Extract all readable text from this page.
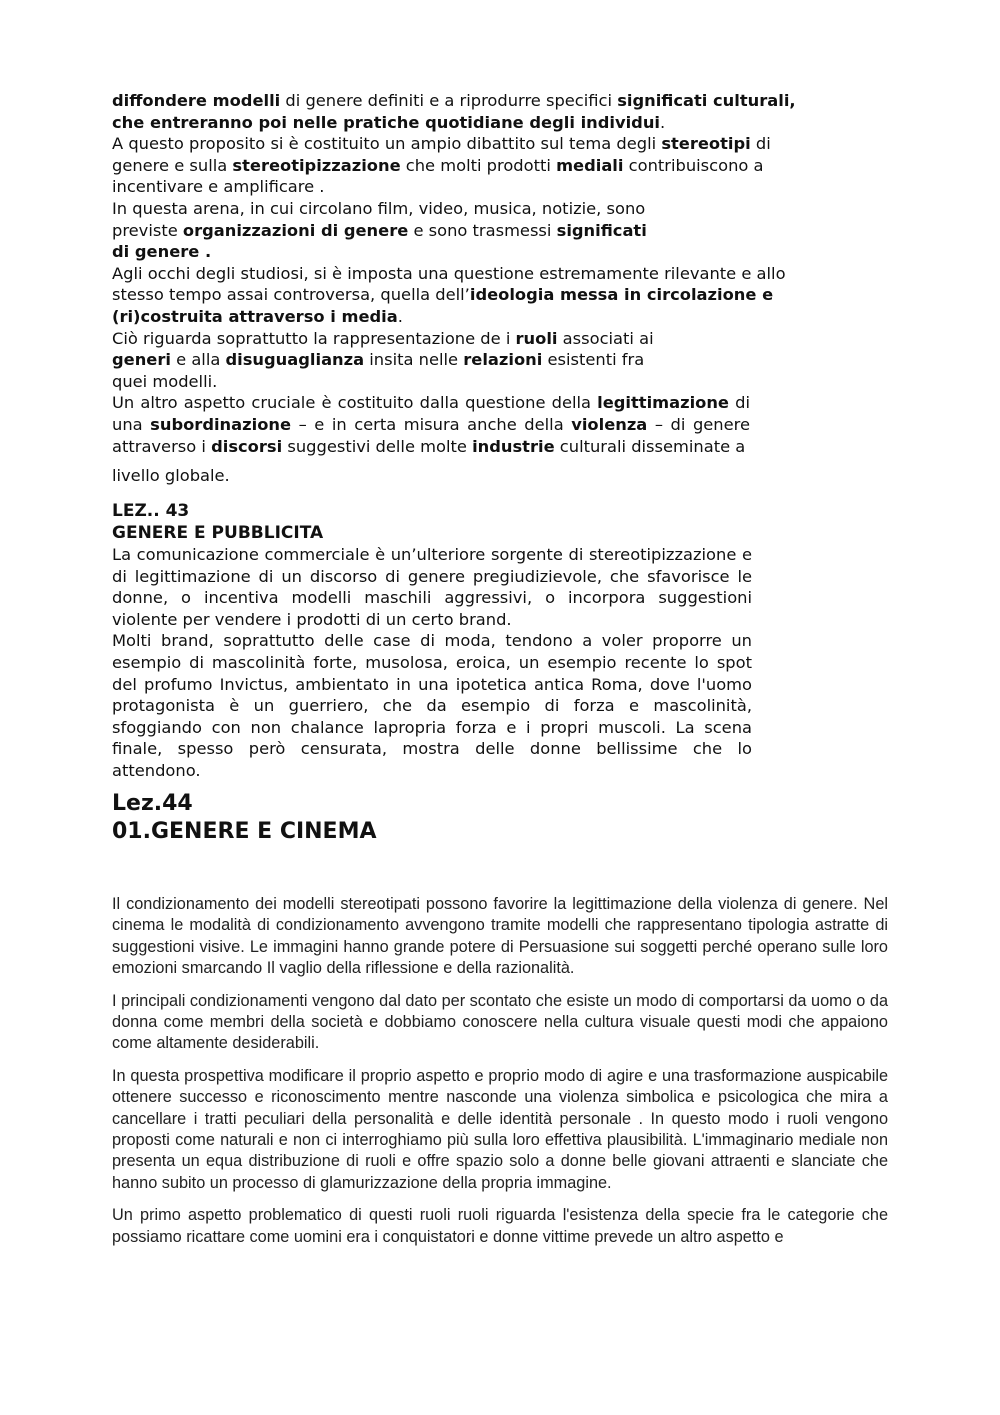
diffondere modelli di genere definiti e a riprodurre specifici significati culturali, che entreranno poi nelle pratiche quotidiane degli individui.
A questo proposito si è costituito un ampio dibattito sul tema degli stereotipi di genere e sulla stereotipizzazione che molti prodotti mediali contribuiscono a incentivare e amplificare .
In questa arena, in cui circolano film, video, musica, notizie, sono previste organizzazioni di genere e sono trasmessi significati di genere .
Agli occhi degli studiosi, si è imposta una questione estremamente rilevante e allo stesso tempo assai controversa, quella dell’ideologia messa in circolazione e (ri)costruita attraverso i media.
Ciò riguarda soprattutto la rappresentazione de i ruoli associati ai generi e alla disuguaglianza insita nelle relazioni esistenti fra quei modelli.
Un altro aspetto cruciale è costituito dalla questione della legittimazione di una subordinazione – e in certa misura anche della violenza – di genere attraverso i discorsi suggestivi delle molte industrie culturali disseminate a
livello globale.
LEZ.. 43
GENERE E PUBBLICITA
La comunicazione commerciale è un’ulteriore sorgente di stereotipizzazione e di legittimazione di un discorso di genere pregiudizievole, che sfavorisce le donne, o incentiva modelli maschili aggressivi, o incorpora suggestioni violente per vendere i prodotti di un certo brand.
Molti brand, soprattutto delle case di moda, tendono a voler proporre un esempio di mascolinità forte, musolosa, eroica, un esempio recente lo spot del profumo Invictus, ambientato in una ipotetica antica Roma, dove l'uomo protagonista è un guerriero, che da esempio di forza e mascolinità, sfoggiando con non chalance lapropria forza e i propri muscoli. La scena finale, spesso però censurata, mostra delle donne bellissime che lo attendono.
Lez.44
01.GENERE E CINEMA
Il condizionamento dei modelli stereotipati possono favorire la legittimazione della violenza di genere. Nel cinema le modalità di condizionamento avvengono tramite modelli che rappresentano tipologia astratte di suggestioni visive. Le immagini hanno grande potere di Persuasione sui soggetti perché operano sulle loro emozioni smarcando Il vaglio della riflessione e della razionalità.
I principali condizionamenti vengono dal dato per scontato che esiste un modo di comportarsi da uomo o da donna come membri della società e dobbiamo conoscere nella cultura visuale questi modi che appaiono come altamente desiderabili.
In questa prospettiva modificare il proprio aspetto e proprio modo di agire e una trasformazione auspicabile ottenere successo e riconoscimento mentre nasconde una violenza simbolica e psicologica che mira a cancellare i tratti peculiari della personalità e delle identità personale . In questo modo i ruoli vengono proposti come naturali e non ci interroghiamo più sulla loro effettiva plausibilità. L'immaginario mediale non presenta un equa distribuzione di ruoli e offre spazio solo a donne belle giovani attraenti e slanciate che hanno subito un processo di glamurizzazione della propria immagine.
Un primo aspetto problematico di questi ruoli ruoli riguarda l'esistenza della specie fra le categorie che possiamo ricattare come uomini era i conquistatori e donne vittime prevede un altro aspetto e
